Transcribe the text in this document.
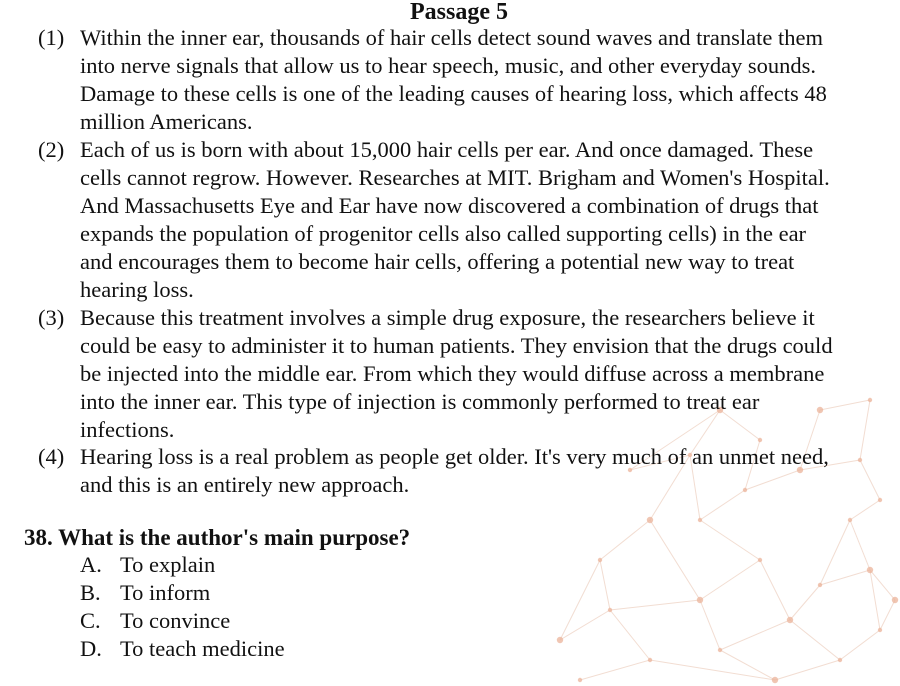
Passage 5
(1) Within the inner ear, thousands of hair cells detect sound waves and translate them into nerve signals that allow us to hear speech, music, and other everyday sounds. Damage to these cells is one of the leading causes of hearing loss, which affects 48 million Americans.
(2) Each of us is born with about 15,000 hair cells per ear. And once damaged. These cells cannot regrow. However. Researches at MIT. Brigham and Women's Hospital. And Massachusetts Eye and Ear have now discovered a combination of drugs that expands the population of progenitor cells also called supporting cells) in the ear and encourages them to become hair cells, offering a potential new way to treat hearing loss.
(3) Because this treatment involves a simple drug exposure, the researchers believe it could be easy to administer it to human patients. They envision that the drugs could be injected into the middle ear. From which they would diffuse across a membrane into the inner ear. This type of injection is commonly performed to treat ear infections.
(4) Hearing loss is a real problem as people get older. It's very much of an unmet need, and this is an entirely new approach.
38. What is the author's main purpose?
A. To explain
B. To inform
C. To convince
D. To teach medicine
